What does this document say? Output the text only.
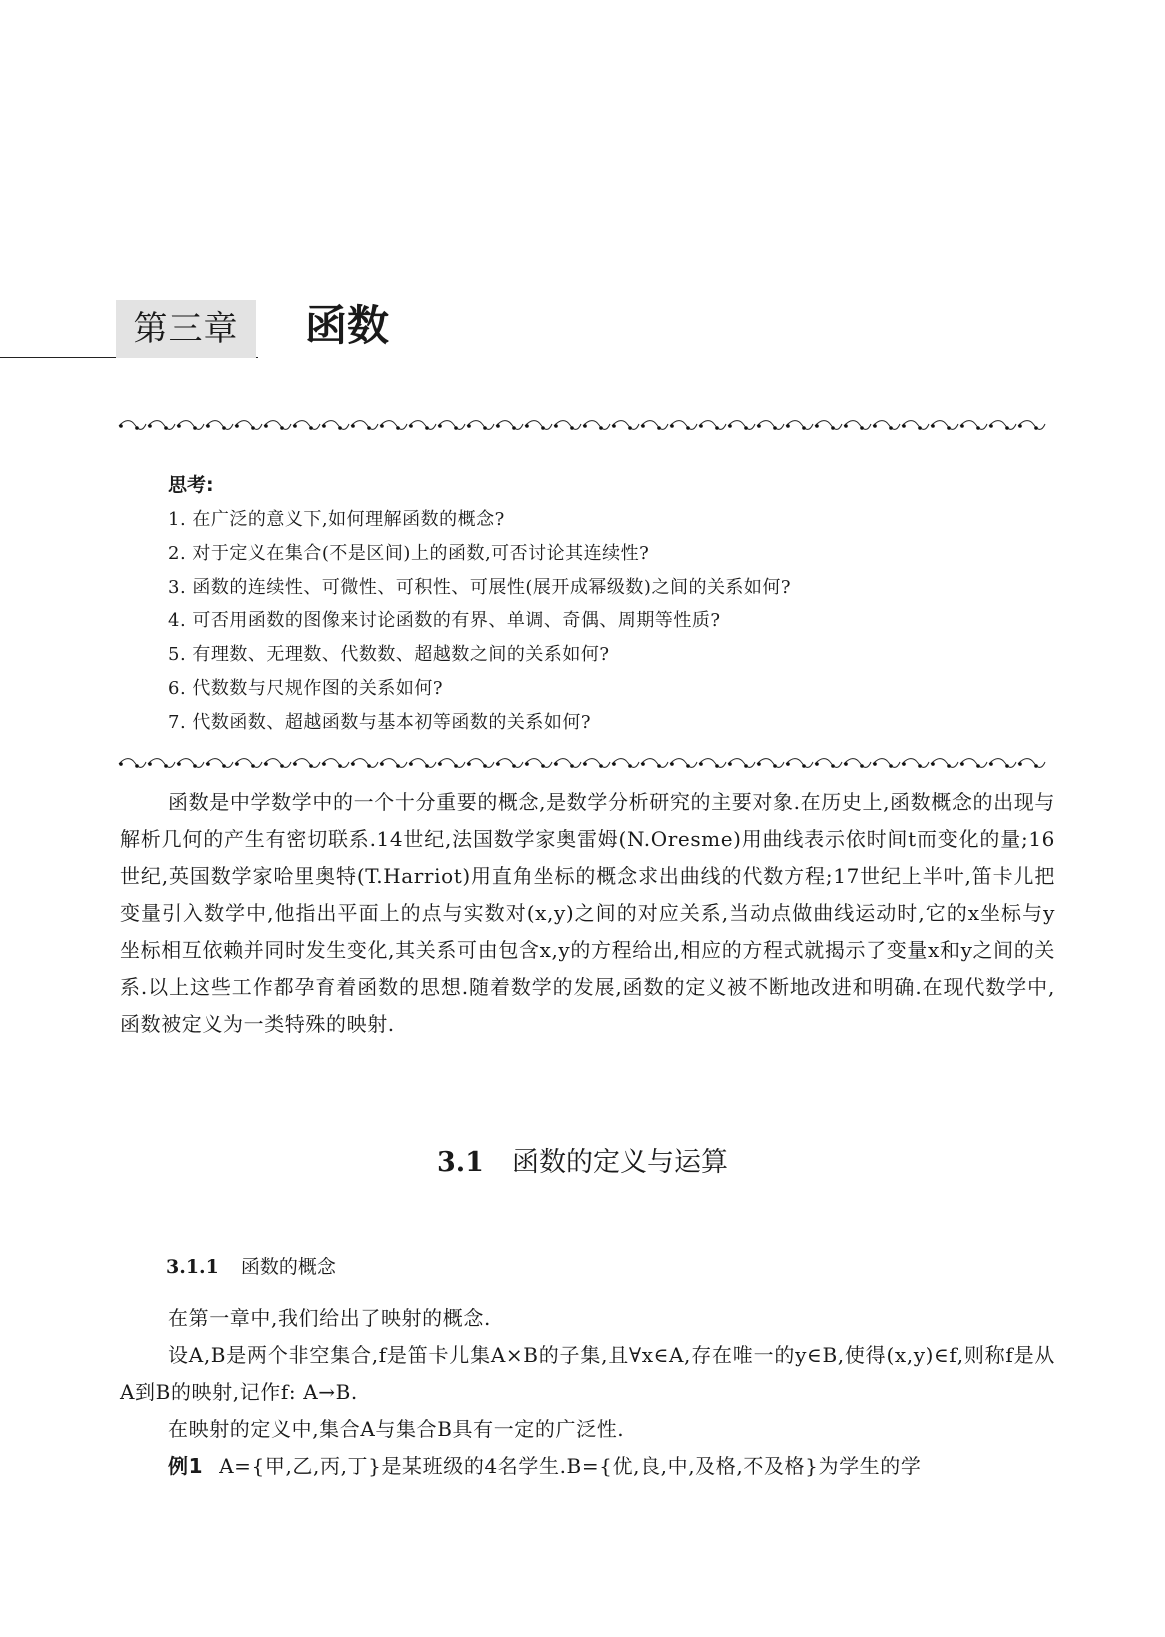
第三章	函数
思考:
1. 在广泛的意义下,如何理解函数的概念?
2. 对于定义在集合(不是区间)上的函数,可否讨论其连续性?
3. 函数的连续性、可微性、可积性、可展性(展开成幂级数)之间的关系如何?
4. 可否用函数的图像来讨论函数的有界、单调、奇偶、周期等性质?
5. 有理数、无理数、代数数、超越数之间的关系如何?
6. 代数数与尺规作图的关系如何?
7. 代数函数、超越函数与基本初等函数的关系如何?

函数是中学数学中的一个十分重要的概念,是数学分析研究的主要对象.在历史上,函数概念的出现与解析几何的产生有密切联系.14世纪,法国数学家奥雷姆(N.Oresme)用曲线表示依时间t而变化的量;16世纪,英国数学家哈里奥特(T.Harriot)用直角坐标的概念求出曲线的代数方程;17世纪上半叶,笛卡儿把变量引入数学中,他指出平面上的点与实数对(x,y)之间的对应关系,当动点做曲线运动时,它的x坐标与y坐标相互依赖并同时发生变化,其关系可由包含x,y的方程给出,相应的方程式就揭示了变量x和y之间的关系.以上这些工作都孕育着函数的思想.随着数学的发展,函数的定义被不断地改进和明确.在现代数学中,函数被定义为一类特殊的映射.

3.1 函数的定义与运算
3.1.1 函数的概念

在第一章中,我们给出了映射的概念.

设A,B是两个非空集合,f是笛卡儿集A×B的子集,且∀x∈A,存在唯一的y∈B,使得(x,y)∈f,则称f是从A到B的映射,记作f: A→B.

在映射的定义中,集合A与集合B具有一定的广泛性.

例1 A={甲,乙,丙,丁}是某班级的4名学生.B={优,良,中,及格,不及格}为学生的学
